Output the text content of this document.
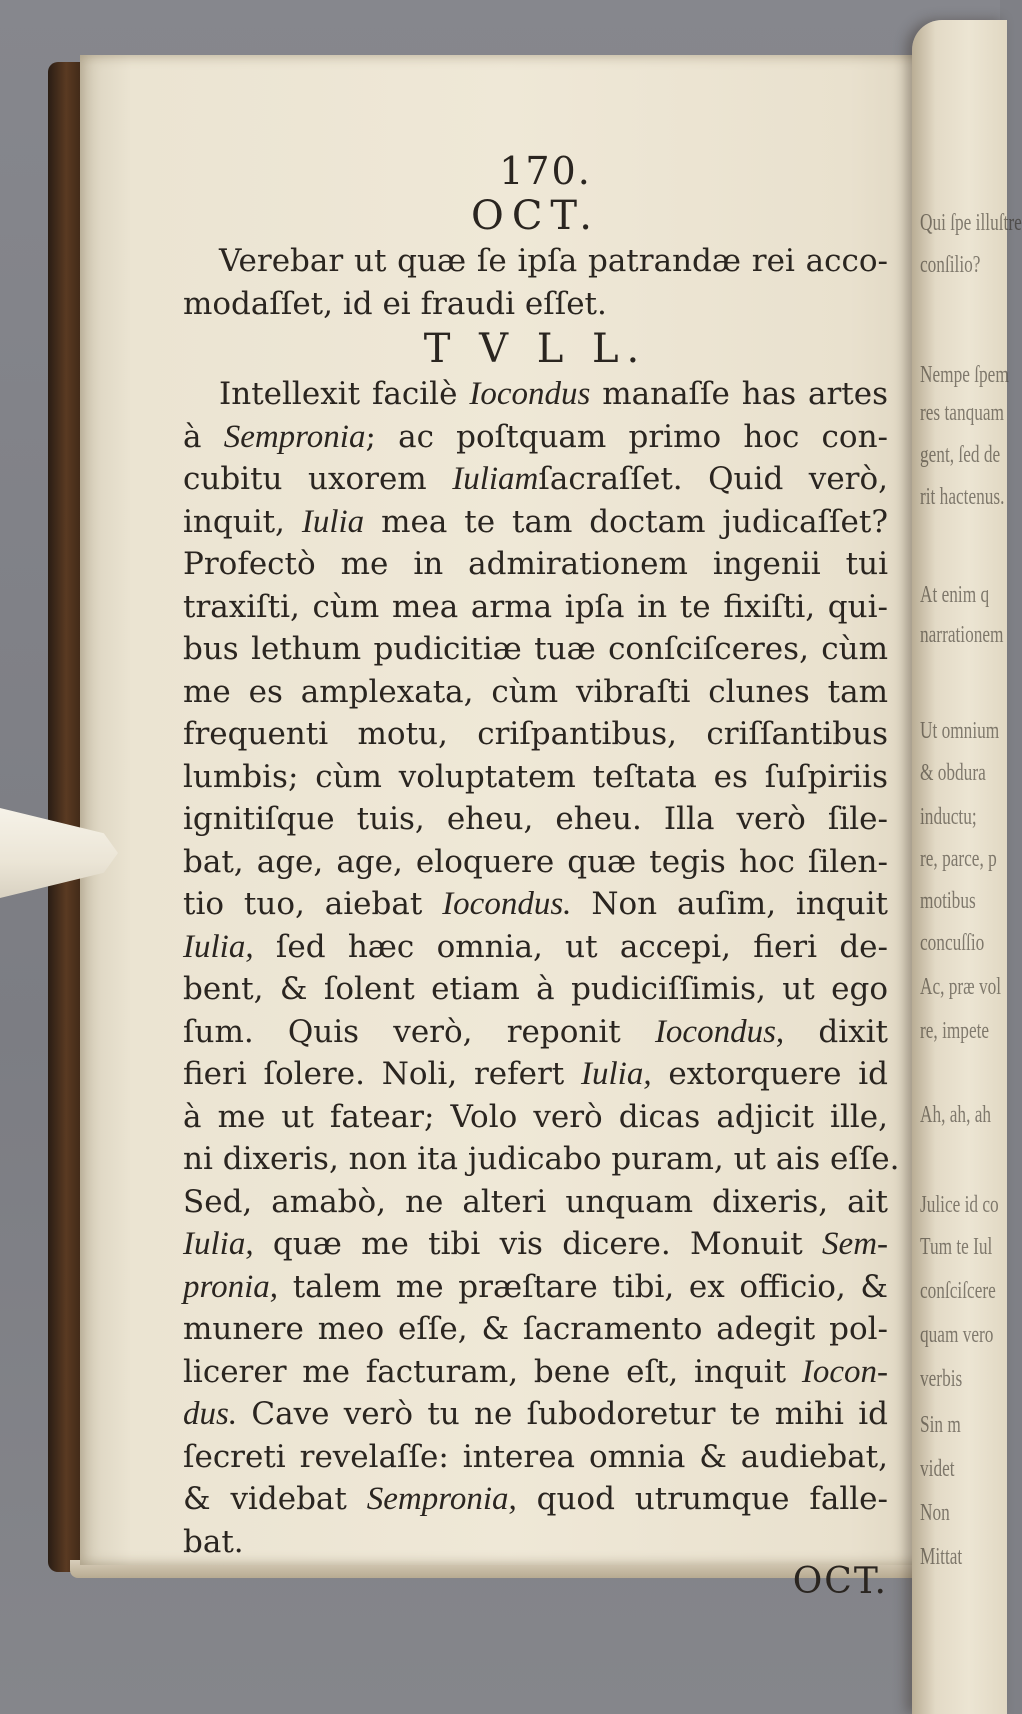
Qui ſpe illuſtre

conſilio?

Nempe ſpem

res tanquam

gent, ſed de

rit hactenus.

At enim q

narrationem

Ut omnium

& obdura

inductu;

re, parce, p

motibus

concuſſio

Ac, præ vol

re, impete

Ah, ah, ah

Julice id co

Tum te Iul

conſciſcere

quam vero

verbis

Sin m

videt

Non

Mittat

170.
OCT.
Verebar ut quæ ſe ipſa patrandæ rei acco-
modaſſet, id ei fraudi eſſet.
T V L L.
Intellexit facilè Iocondus manaſſe has artes
à Sempronia; ac poſtquam primo hoc con-
cubitu uxorem Iuliamſacraſſet. Quid verò,
inquit, Iulia mea te tam doctam judicaſſet?
Profectò me in admirationem ingenii tui
traxiſti, cùm mea arma ipſa in te fixiſti, qui-
bus lethum pudicitiæ tuæ conſciſceres, cùm
me es amplexata, cùm vibraſti clunes tam
frequenti motu, criſpantibus, criſſantibus
lumbis; cùm voluptatem teſtata es ſuſpiriis
ignitiſque tuis, eheu, eheu. Illa verò ſile-
bat, age, age, eloquere quæ tegis hoc ſilen-
tio tuo, aiebat Iocondus. Non auſim, inquit
Iulia, ſed hæc omnia, ut accepi, fieri de-
bent, & ſolent etiam à pudiciſſimis, ut ego
ſum. Quis verò, reponit Iocondus, dixit
fieri ſolere. Noli, refert Iulia, extorquere id
à me ut fatear; Volo verò dicas adjicit ille,
ni dixeris, non ita judicabo puram, ut ais eſſe.
Sed, amabò, ne alteri unquam dixeris, ait
Iulia, quæ me tibi vis dicere. Monuit Sem-
pronia, talem me præſtare tibi, ex officio, &
munere meo eſſe, & ſacramento adegit pol-
licerer me facturam, bene eſt, inquit Iocon-
dus. Cave verò tu ne ſubodoretur te mihi id
ſecreti revelaſſe: interea omnia & audiebat,
& videbat Sempronia, quod utrumque falle-
bat.
OCT.
